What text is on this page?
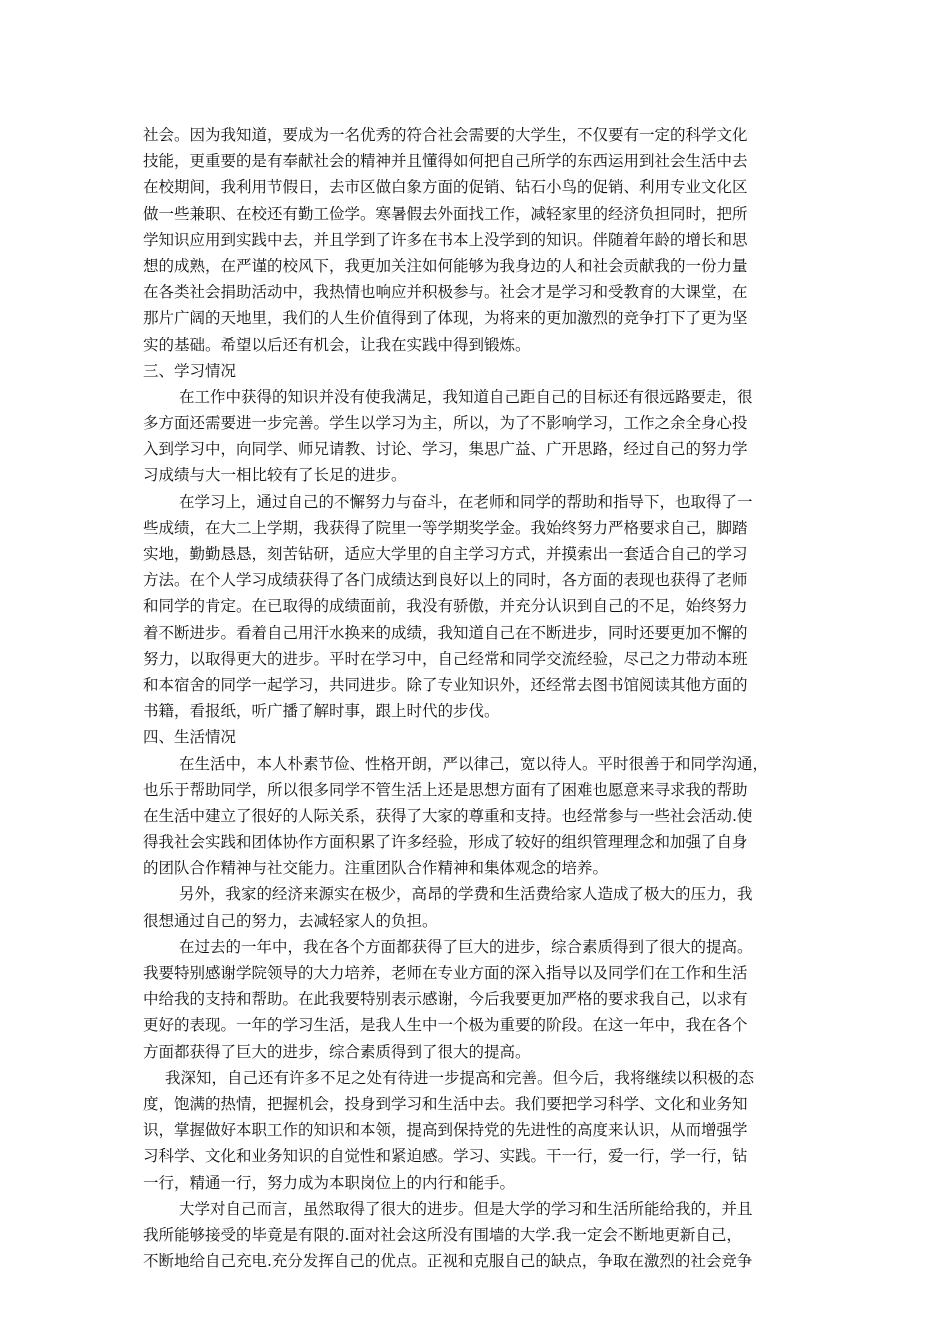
社会。因为我知道，要成为一名优秀的符合社会需要的大学生，不仅要有一定的科学文化
技能，更重要的是有奉献社会的精神并且懂得如何把自己所学的东西运用到社会生活中去
在校期间，我利用节假日，去市区做白象方面的促销、钻石小鸟的促销、利用专业文化区
做一些兼职、在校还有勤工俭学。寒暑假去外面找工作，减轻家里的经济负担同时，把所
学知识应用到实践中去，并且学到了许多在书本上没学到的知识。伴随着年龄的增长和思
想的成熟，在严谨的校风下，我更加关注如何能够为我身边的人和社会贡献我的一份力量
在各类社会捐助活动中，我热情也响应并积极参与。社会才是学习和受教育的大课堂，在
那片广阔的天地里，我们的人生价值得到了体现，为将来的更加激烈的竞争打下了更为坚
实的基础。希望以后还有机会，让我在实践中得到锻炼。
三、学习情况
在工作中获得的知识并没有使我满足，我知道自己距自己的目标还有很远路要走，很
多方面还需要进一步完善。学生以学习为主，所以，为了不影响学习，工作之余全身心投
入到学习中，向同学、师兄请教、讨论、学习，集思广益、广开思路，经过自己的努力学
习成绩与大一相比较有了长足的进步。
在学习上，通过自己的不懈努力与奋斗，在老师和同学的帮助和指导下，也取得了一
些成绩，在大二上学期，我获得了院里一等学期奖学金。我始终努力严格要求自己，脚踏
实地，勤勤恳恳，刻苦钻研，适应大学里的自主学习方式，并摸索出一套适合自己的学习
方法。在个人学习成绩获得了各门成绩达到良好以上的同时，各方面的表现也获得了老师
和同学的肯定。在已取得的成绩面前，我没有骄傲，并充分认识到自己的不足，始终努力
着不断进步。看着自己用汗水换来的成绩，我知道自己在不断进步，同时还要更加不懈的
努力，以取得更大的进步。平时在学习中，自己经常和同学交流经验，尽己之力带动本班
和本宿舍的同学一起学习，共同进步。除了专业知识外，还经常去图书馆阅读其他方面的
书籍，看报纸，听广播了解时事，跟上时代的步伐。
四、生活情况
在生活中，本人朴素节俭、性格开朗，严以律己，宽以待人。平时很善于和同学沟通，
也乐于帮助同学，所以很多同学不管生活上还是思想方面有了困难也愿意来寻求我的帮助
在生活中建立了很好的人际关系，获得了大家的尊重和支持。也经常参与一些社会活动.使
得我社会实践和团体协作方面积累了许多经验，形成了较好的组织管理理念和加强了自身
的团队合作精神与社交能力。注重团队合作精神和集体观念的培养。
另外，我家的经济来源实在极少，高昂的学费和生活费给家人造成了极大的压力，我
很想通过自己的努力，去减轻家人的负担。
在过去的一年中，我在各个方面都获得了巨大的进步，综合素质得到了很大的提高。
我要特别感谢学院领导的大力培养，老师在专业方面的深入指导以及同学们在工作和生活
中给我的支持和帮助。在此我要特别表示感谢，今后我要更加严格的要求我自己，以求有
更好的表现。一年的学习生活，是我人生中一个极为重要的阶段。在这一年中，我在各个
方面都获得了巨大的进步，综合素质得到了很大的提高。
我深知，自己还有许多不足之处有待进一步提高和完善。但今后，我将继续以积极的态
度，饱满的热情，把握机会，投身到学习和生活中去。我们要把学习科学、文化和业务知
识，掌握做好本职工作的知识和本领，提高到保持党的先进性的高度来认识，从而增强学
习科学、文化和业务知识的自觉性和紧迫感。学习、实践。干一行，爱一行，学一行，钻
一行，精通一行，努力成为本职岗位上的内行和能手。
大学对自己而言，虽然取得了很大的进步。但是大学的学习和生活所能给我的，并且
我所能够接受的毕竟是有限的.面对社会这所没有围墙的大学.我一定会不断地更新自己，
不断地给自己充电.充分发挥自己的优点。正视和克服自己的缺点，争取在激烈的社会竞争
